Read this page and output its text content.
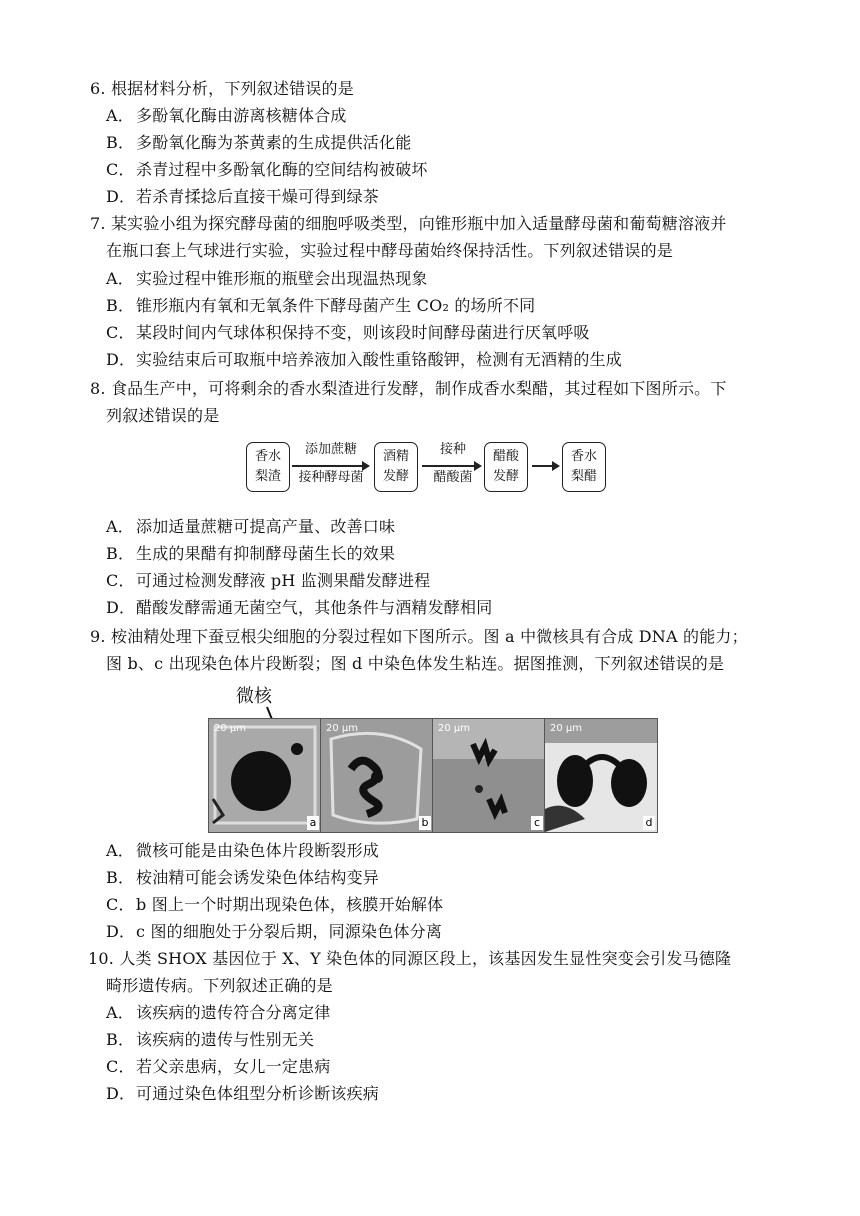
6. 根据材料分析，下列叙述错误的是
A． 多酚氧化酶由游离核糖体合成
B． 多酚氧化酶为茶黄素的生成提供活化能
C．杀青过程中多酚氧化酶的空间结构被破坏
D．若杀青揉捻后直接干燥可得到绿茶
7. 某实验小组为探究酵母菌的细胞呼吸类型，向锥形瓶中加入适量酵母菌和葡萄糖溶液并
在瓶口套上气球进行实验，实验过程中酵母菌始终保持活性。下列叙述错误的是
A． 实验过程中锥形瓶的瓶壁会出现温热现象
B． 锥形瓶内有氧和无氧条件下酵母菌产生 CO₂ 的场所不同
C．某段时间内气球体积保持不变，则该段时间酵母菌进行厌氧呼吸
D．实验结束后可取瓶中培养液加入酸性重铬酸钾，检测有无酒精的生成
8. 食品生产中，可将剩余的香水梨渣进行发酵，制作成香水梨醋，其过程如下图所示。下
列叙述错误的是
香水
梨渣
添加蔗糖
接种酵母菌
酒精
发酵
接种
醋酸菌
醋酸
发酵
香水
梨醋
A． 添加适量蔗糖可提高产量、改善口味
B． 生成的果醋有抑制酵母菌生长的效果
C．可通过检测发酵液 pH 监测果醋发酵进程
D．醋酸发酵需通无菌空气，其他条件与酒精发酵相同
9. 桉油精处理下蚕豆根尖细胞的分裂过程如下图所示。图 a 中微核具有合成 DNA 的能力；
图 b、c 出现染色体片段断裂；图 d 中染色体发生粘连。据图推测，下列叙述错误的是
微核
20 μm
a
20 μm
b
20 μm
c
20 μm
d
A． 微核可能是由染色体片段断裂形成
B． 桉油精可能会诱发染色体结构变异
C．b 图上一个时期出现染色体，核膜开始解体
D．c 图的细胞处于分裂后期，同源染色体分离
10. 人类 SHOX 基因位于 X、Y 染色体的同源区段上，该基因发生显性突变会引发马德隆
畸形遗传病。下列叙述正确的是
A． 该疾病的遗传符合分离定律
B． 该疾病的遗传与性别无关
C．若父亲患病，女儿一定患病
D．可通过染色体组型分析诊断该疾病
